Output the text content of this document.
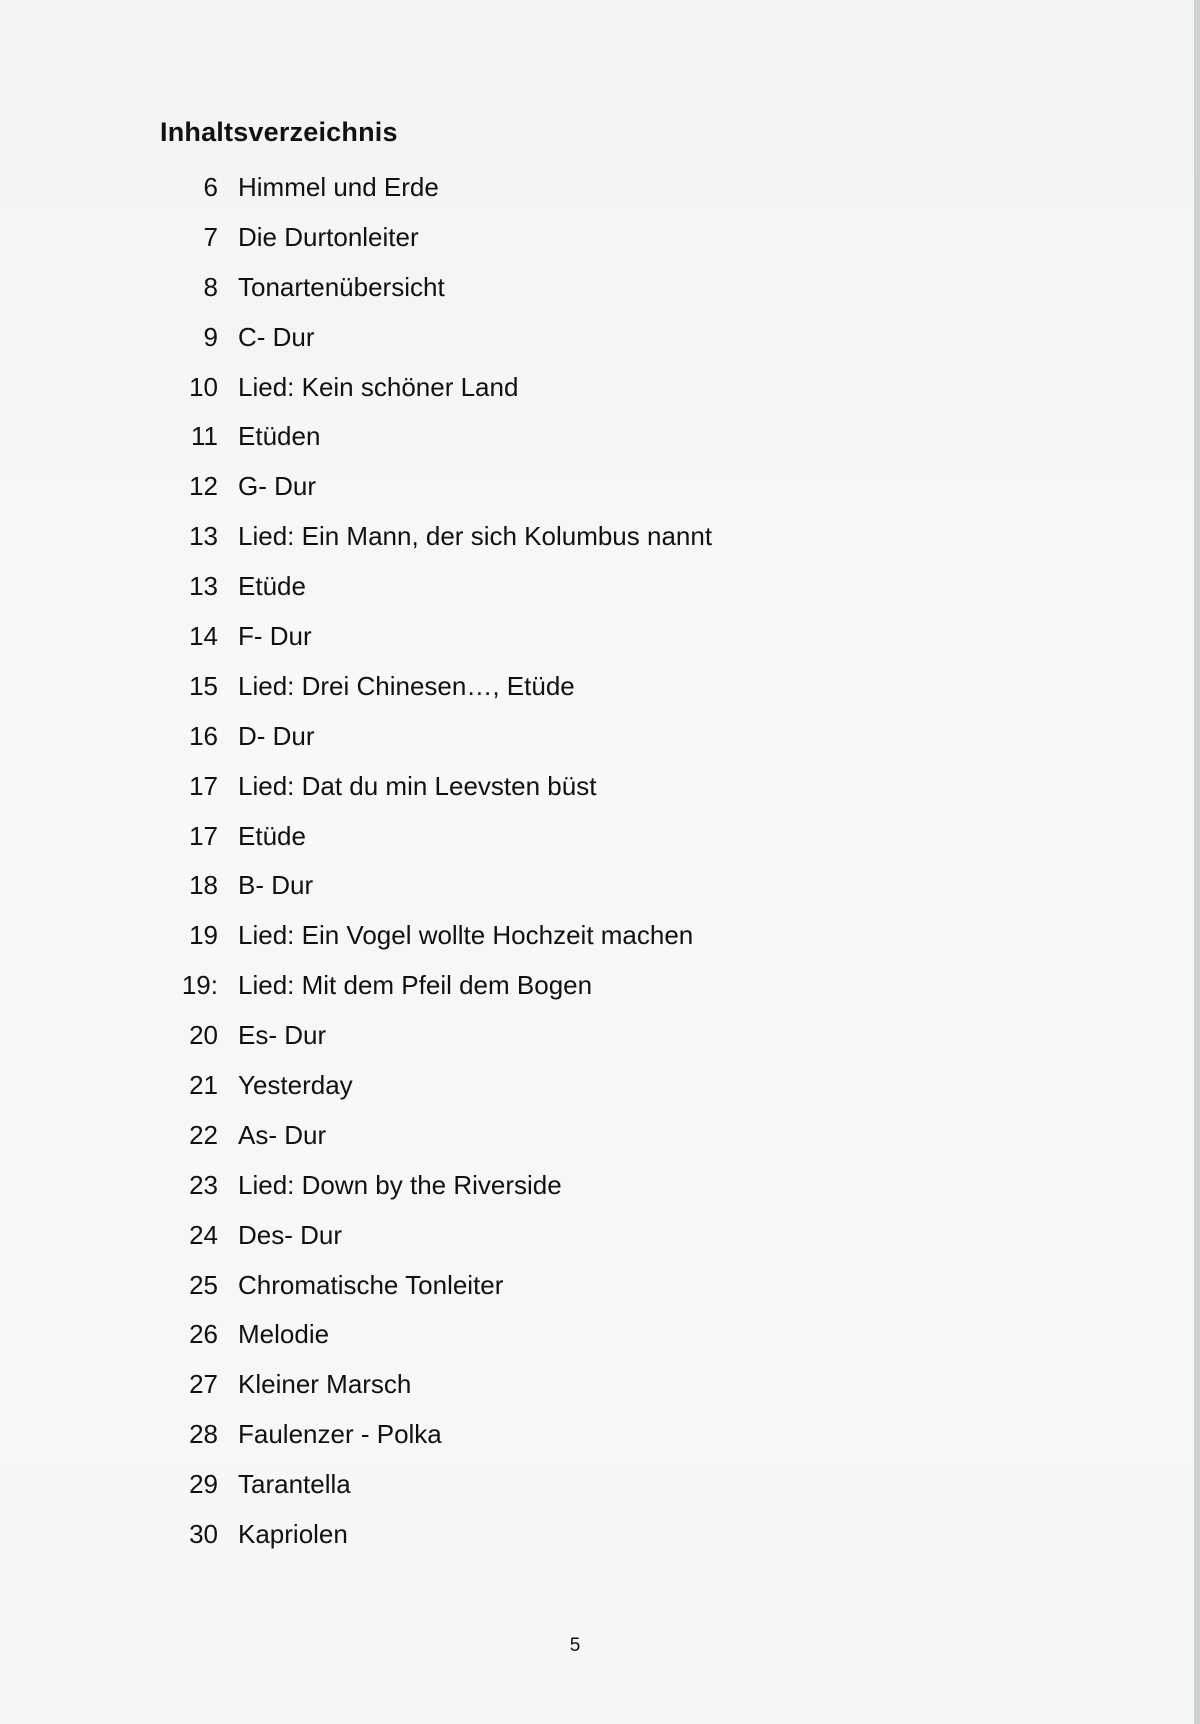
Inhaltsverzeichnis
6 Himmel und Erde
7 Die Durtonleiter
8 Tonartenübersicht
9 C- Dur
10 Lied: Kein schöner Land
11 Etüden
12 G- Dur
13 Lied: Ein Mann, der sich Kolumbus nannt
13 Etüde
14 F- Dur
15 Lied: Drei Chinesen…, Etüde
16 D- Dur
17 Lied: Dat du min Leevsten büst
17 Etüde
18 B- Dur
19 Lied: Ein Vogel wollte Hochzeit machen
19: Lied: Mit dem Pfeil dem Bogen
20 Es- Dur
21 Yesterday
22 As- Dur
23 Lied: Down by the Riverside
24 Des- Dur
25 Chromatische Tonleiter
26 Melodie
27 Kleiner Marsch
28 Faulenzer - Polka
29 Tarantella
30 Kapriolen
5
